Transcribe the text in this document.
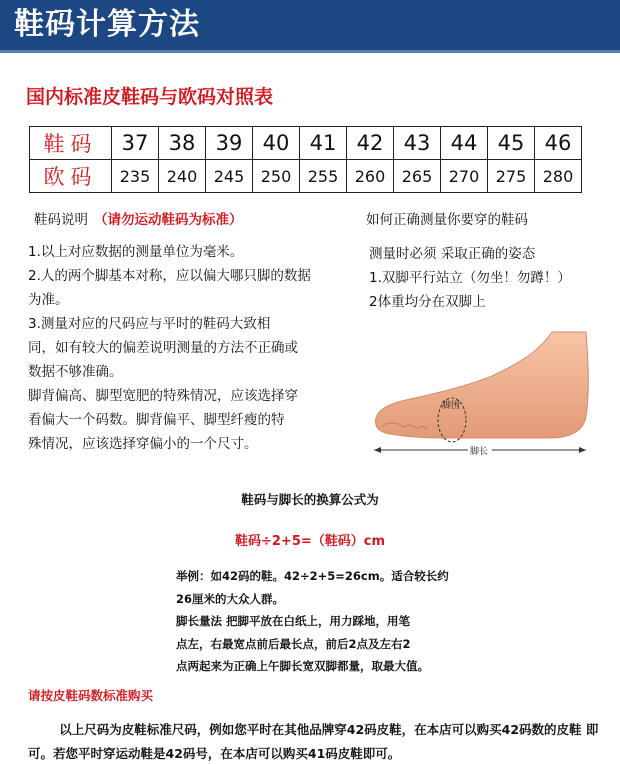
鞋码计算方法
国内标准皮鞋码与欧码对照表
鞋码	37	38	39	40	41	42	43	44	45	46
欧码	235	240	245	250	255	260	265	270	275	280
鞋码说明 （请勿运动鞋码为标准）	如何正确测量你要穿的鞋码

1.以上对应数据的测量单位为毫米。

2.人的两个脚基本对称，应以偏大哪只脚的数据

为准。

3.测量对应的尺码应与平时的鞋码大致相

同，如有较大的偏差说明测量的方法不正确或

数据不够准确。

脚背偏高、脚型宽肥的特殊情况，应该选择穿

看偏大一个码数。脚背偏平、脚型纤瘦的特

殊情况，应该选择穿偏小的一个尺寸。

测量时必须 采取正确的姿态

1.双脚平行站立（勿坐！勿蹲！）

2体重均分在双脚上

脚围
脚长
鞋码与脚长的换算公式为
鞋码÷2+5=（鞋码）cm

举例：如42码的鞋。42÷2+5=26cm。适合较长约

26厘米的大众人群。

脚长量法 把脚平放在白纸上，用力踩地，用笔

点左，右最宽点前后最长点，前后2点及左右2

点两起来为正确上午脚长宽双脚都量，取最大值。

请按皮鞋码数标准购买
以上尺码为皮鞋标准尺码，例如您平时在其他品牌穿42码皮鞋，在本店可以购买42码数的皮鞋 即可。若您平时穿运动鞋是42码号，在本店可以购买41码皮鞋即可。
